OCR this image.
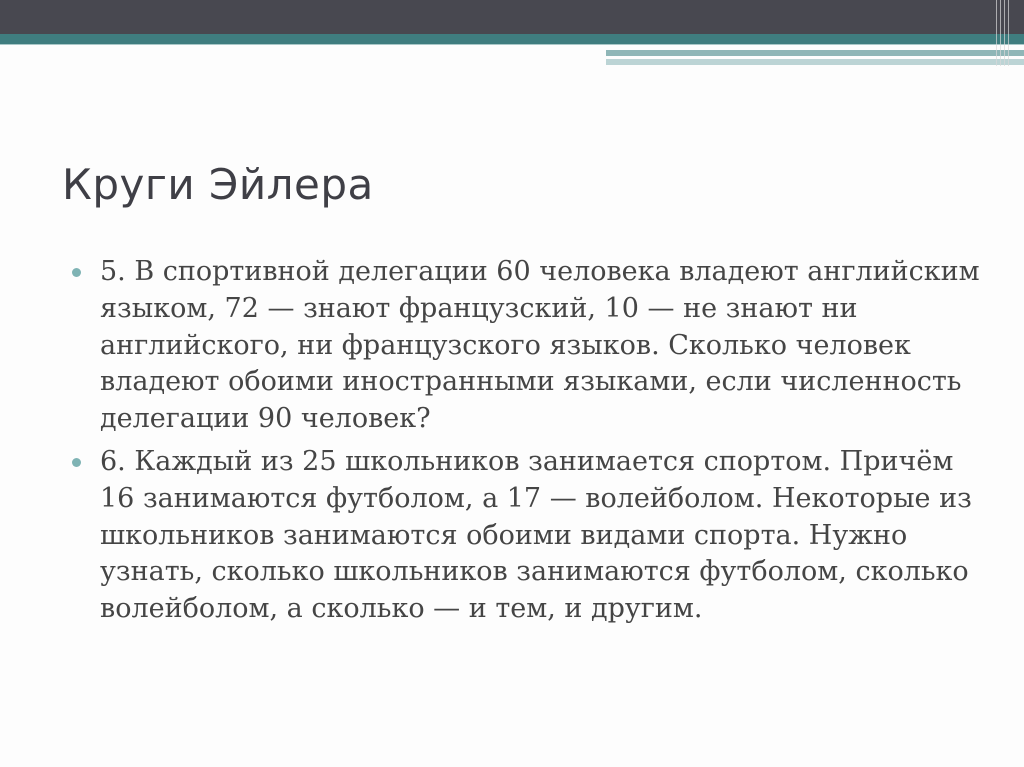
Круги Эйлера
5. В спортивной делегации 60 человека владеют английским языком, 72 — знают французский, 10 — не знают ни английского, ни французского языков. Сколько человек владеют обоими иностранными языками, если численность делегации 90 человек?
6. Каждый из 25 школьников занимается спортом. Причём 16 занимаются футболом, а 17 — волейболом. Некоторые из школьников занимаются обоими видами спорта. Нужно узнать, сколько школьников занимаются футболом, сколько волейболом, а сколько — и тем, и другим.
